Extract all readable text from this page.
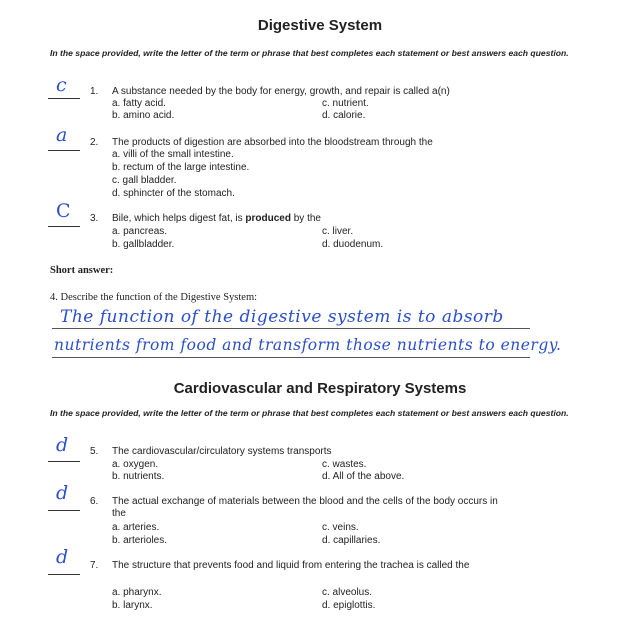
Digestive System
In the space provided, write the letter of the term or phrase that best completes each statement or best answers each question.
c 1. A substance needed by the body for energy, growth, and repair is called a(n)
a. fatty acid.
b. amino acid.
c. nutrient.
d. calorie.
a 2. The products of digestion are absorbed into the bloodstream through the
a. villi of the small intestine.
b. rectum of the large intestine.
c. gall bladder.
d. sphincter of the stomach.
C 3. Bile, which helps digest fat, is produced by the
a. pancreas.
b. gallbladder.
c. liver.
d. duodenum.
Short answer:
4. Describe the function of the Digestive System:
The function of the digestive system is to absorb
nutrients from food and transform those nutrients to energy.
Cardiovascular and Respiratory Systems
In the space provided, write the letter of the term or phrase that best completes each statement or best answers each question.
d 5. The cardiovascular/circulatory systems transports
a. oxygen.
b. nutrients.
c. wastes.
d. All of the above.
d 6. The actual exchange of materials between the blood and the cells of the body occurs in
the
a. arteries.
b. arterioles.
c. veins.
d. capillaries.
d 7. The structure that prevents food and liquid from entering the trachea is called the
a. pharynx.
b. larynx.
c. alveolus.
d. epiglottis.
